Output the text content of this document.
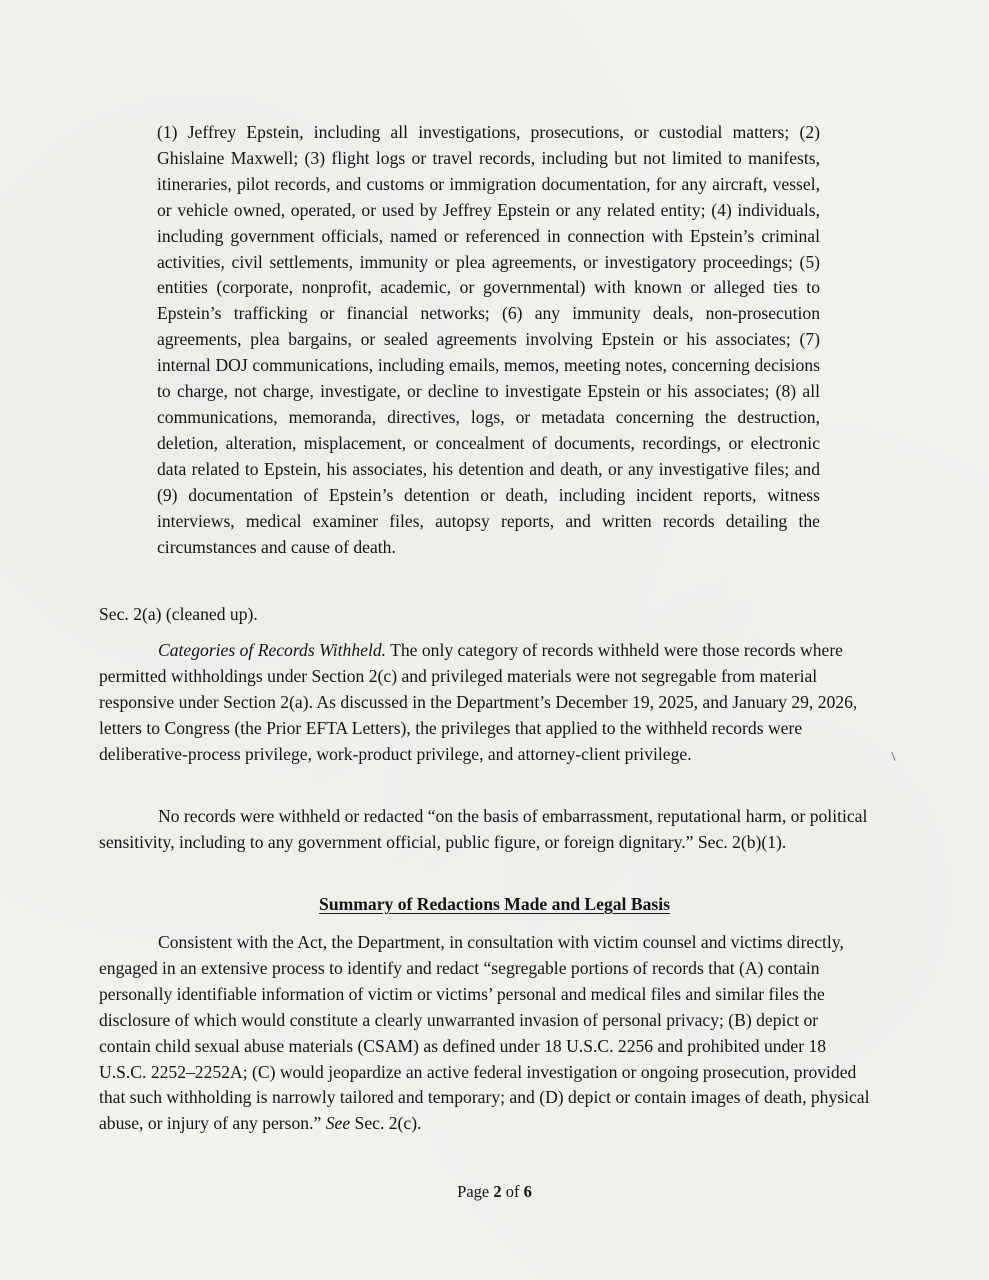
(1) Jeffrey Epstein, including all investigations, prosecutions, or custodial matters; (2) Ghislaine Maxwell; (3) flight logs or travel records, including but not limited to manifests, itineraries, pilot records, and customs or immigration documentation, for any aircraft, vessel, or vehicle owned, operated, or used by Jeffrey Epstein or any related entity; (4) individuals, including government officials, named or referenced in connection with Epstein’s criminal activities, civil settlements, immunity or plea agreements, or investigatory proceedings; (5) entities (corporate, nonprofit, academic, or governmental) with known or alleged ties to Epstein’s trafficking or financial networks; (6) any immunity deals, non-prosecution agreements, plea bargains, or sealed agreements involving Epstein or his associates; (7) internal DOJ communications, including emails, memos, meeting notes, concerning decisions to charge, not charge, investigate, or decline to investigate Epstein or his associates; (8) all communications, memoranda, directives, logs, or metadata concerning the destruction, deletion, alteration, misplacement, or concealment of documents, recordings, or electronic data related to Epstein, his associates, his detention and death, or any investigative files; and (9) documentation of Epstein’s detention or death, including incident reports, witness interviews, medical examiner files, autopsy reports, and written records detailing the circumstances and cause of death.

Sec. 2(a) (cleaned up).

Categories of Records Withheld. The only category of records withheld were those records where permitted withholdings under Section 2(c) and privileged materials were not segregable from material responsive under Section 2(a). As discussed in the Department’s December 19, 2025, and January 29, 2026, letters to Congress (the Prior EFTA Letters), the privileges that applied to the withheld records were deliberative-process privilege, work-product privilege, and attorney-client privilege.

No records were withheld or redacted “on the basis of embarrassment, reputational harm, or political sensitivity, including to any government official, public figure, or foreign dignitary.” Sec. 2(b)(1).

Summary of Redactions Made and Legal Basis

Consistent with the Act, the Department, in consultation with victim counsel and victims directly, engaged in an extensive process to identify and redact “segregable portions of records that (A) contain personally identifiable information of victim or victims’ personal and medical files and similar files the disclosure of which would constitute a clearly unwarranted invasion of personal privacy; (B) depict or contain child sexual abuse materials (CSAM) as defined under 18 U.S.C. 2256 and prohibited under 18 U.S.C. 2252–2252A; (C) would jeopardize an active federal investigation or ongoing prosecution, provided that such withholding is narrowly tailored and temporary; and (D) depict or contain images of death, physical abuse, or injury of any person.” See Sec. 2(c).

Page 2 of 6
